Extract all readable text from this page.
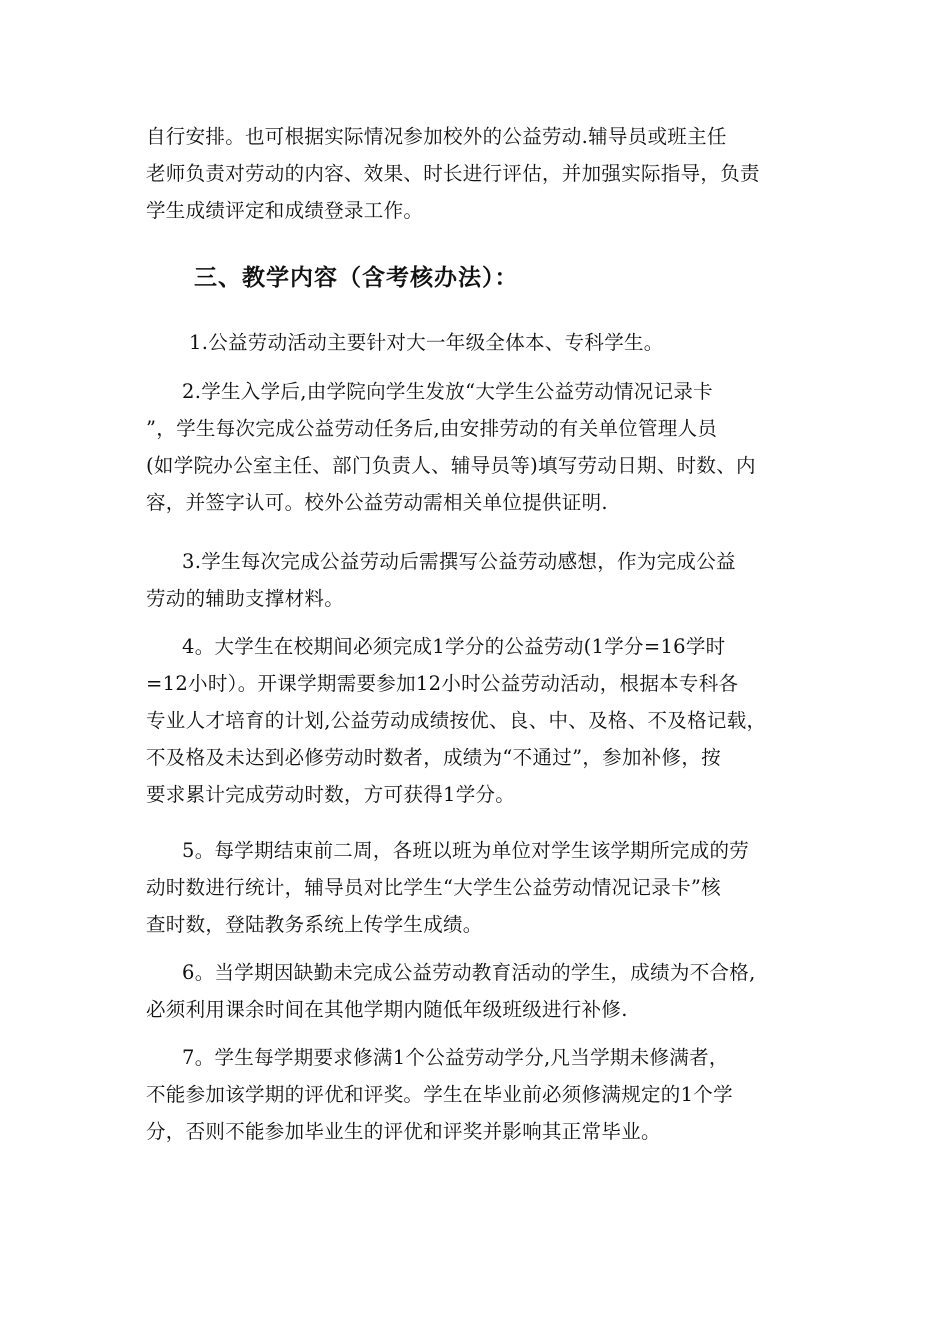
自行安排。也可根据实际情况参加校外的公益劳动.辅导员或班主任
老师负责对劳动的内容、效果、时长进行评估，并加强实际指导，负责
学生成绩评定和成绩登录工作。
三、教学内容（含考核办法）：
1.公益劳动活动主要针对大一年级全体本、专科学生。
2.学生入学后,由学院向学生发放“大学生公益劳动情况记录卡
”，学生每次完成公益劳动任务后,由安排劳动的有关单位管理人员
(如学院办公室主任、部门负责人、辅导员等)填写劳动日期、时数、内
容，并签字认可。校外公益劳动需相关单位提供证明.
3.学生每次完成公益劳动后需撰写公益劳动感想，作为完成公益
劳动的辅助支撑材料。
4。大学生在校期间必须完成1学分的公益劳动(1学分=16学时
=12小时）。开课学期需要参加12小时公益劳动活动，根据本专科各
专业人才培育的计划,公益劳动成绩按优、良、中、及格、不及格记载，
不及格及未达到必修劳动时数者，成绩为“不通过”，参加补修，按
要求累计完成劳动时数，方可获得1学分。
5。每学期结束前二周，各班以班为单位对学生该学期所完成的劳
动时数进行统计，辅导员对比学生“大学生公益劳动情况记录卡”核
查时数，登陆教务系统上传学生成绩。
6。当学期因缺勤未完成公益劳动教育活动的学生，成绩为不合格,
必须利用课余时间在其他学期内随低年级班级进行补修.
7。学生每学期要求修满1个公益劳动学分,凡当学期未修满者，
不能参加该学期的评优和评奖。学生在毕业前必须修满规定的1个学
分，否则不能参加毕业生的评优和评奖并影响其正常毕业。
